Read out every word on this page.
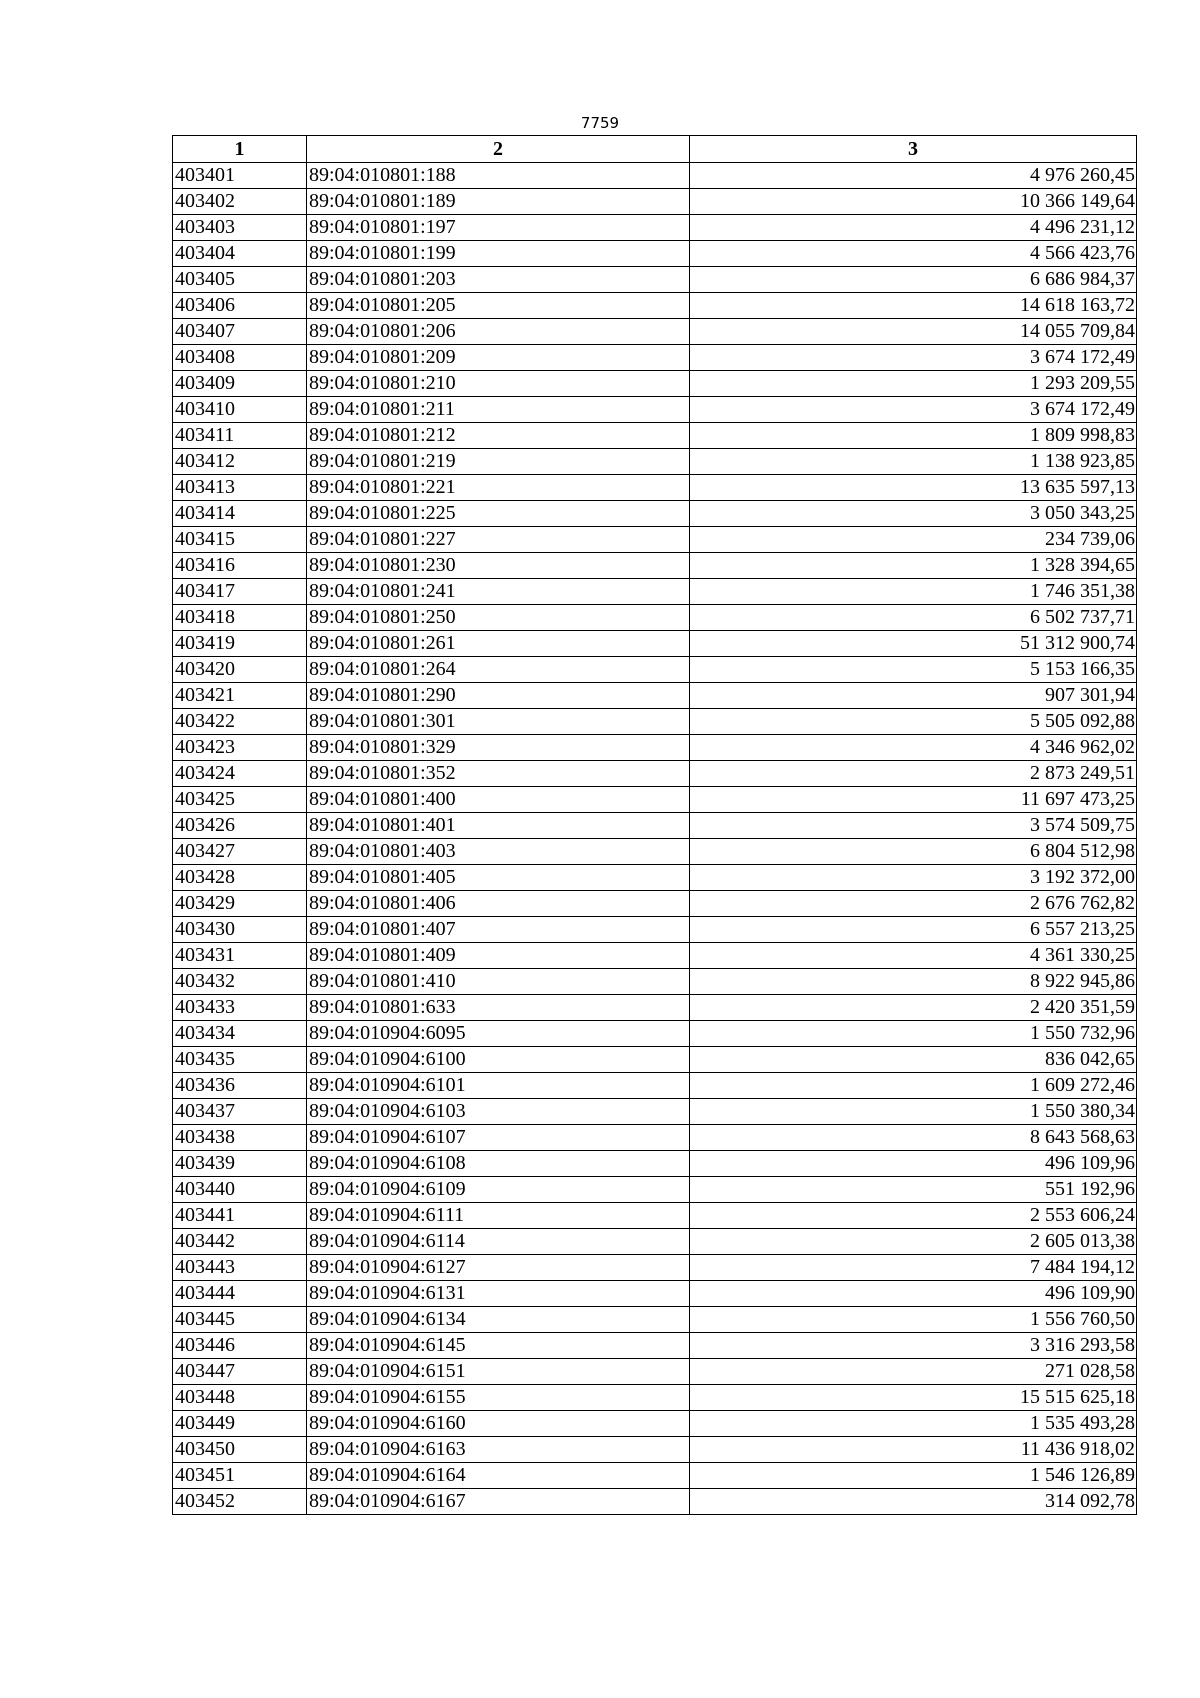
7759
1	2	3
403401	89:04:010801:188	4 976 260,45
403402	89:04:010801:189	10 366 149,64
403403	89:04:010801:197	4 496 231,12
403404	89:04:010801:199	4 566 423,76
403405	89:04:010801:203	6 686 984,37
403406	89:04:010801:205	14 618 163,72
403407	89:04:010801:206	14 055 709,84
403408	89:04:010801:209	3 674 172,49
403409	89:04:010801:210	1 293 209,55
403410	89:04:010801:211	3 674 172,49
403411	89:04:010801:212	1 809 998,83
403412	89:04:010801:219	1 138 923,85
403413	89:04:010801:221	13 635 597,13
403414	89:04:010801:225	3 050 343,25
403415	89:04:010801:227	234 739,06
403416	89:04:010801:230	1 328 394,65
403417	89:04:010801:241	1 746 351,38
403418	89:04:010801:250	6 502 737,71
403419	89:04:010801:261	51 312 900,74
403420	89:04:010801:264	5 153 166,35
403421	89:04:010801:290	907 301,94
403422	89:04:010801:301	5 505 092,88
403423	89:04:010801:329	4 346 962,02
403424	89:04:010801:352	2 873 249,51
403425	89:04:010801:400	11 697 473,25
403426	89:04:010801:401	3 574 509,75
403427	89:04:010801:403	6 804 512,98
403428	89:04:010801:405	3 192 372,00
403429	89:04:010801:406	2 676 762,82
403430	89:04:010801:407	6 557 213,25
403431	89:04:010801:409	4 361 330,25
403432	89:04:010801:410	8 922 945,86
403433	89:04:010801:633	2 420 351,59
403434	89:04:010904:6095	1 550 732,96
403435	89:04:010904:6100	836 042,65
403436	89:04:010904:6101	1 609 272,46
403437	89:04:010904:6103	1 550 380,34
403438	89:04:010904:6107	8 643 568,63
403439	89:04:010904:6108	496 109,96
403440	89:04:010904:6109	551 192,96
403441	89:04:010904:6111	2 553 606,24
403442	89:04:010904:6114	2 605 013,38
403443	89:04:010904:6127	7 484 194,12
403444	89:04:010904:6131	496 109,90
403445	89:04:010904:6134	1 556 760,50
403446	89:04:010904:6145	3 316 293,58
403447	89:04:010904:6151	271 028,58
403448	89:04:010904:6155	15 515 625,18
403449	89:04:010904:6160	1 535 493,28
403450	89:04:010904:6163	11 436 918,02
403451	89:04:010904:6164	1 546 126,89
403452	89:04:010904:6167	314 092,78
